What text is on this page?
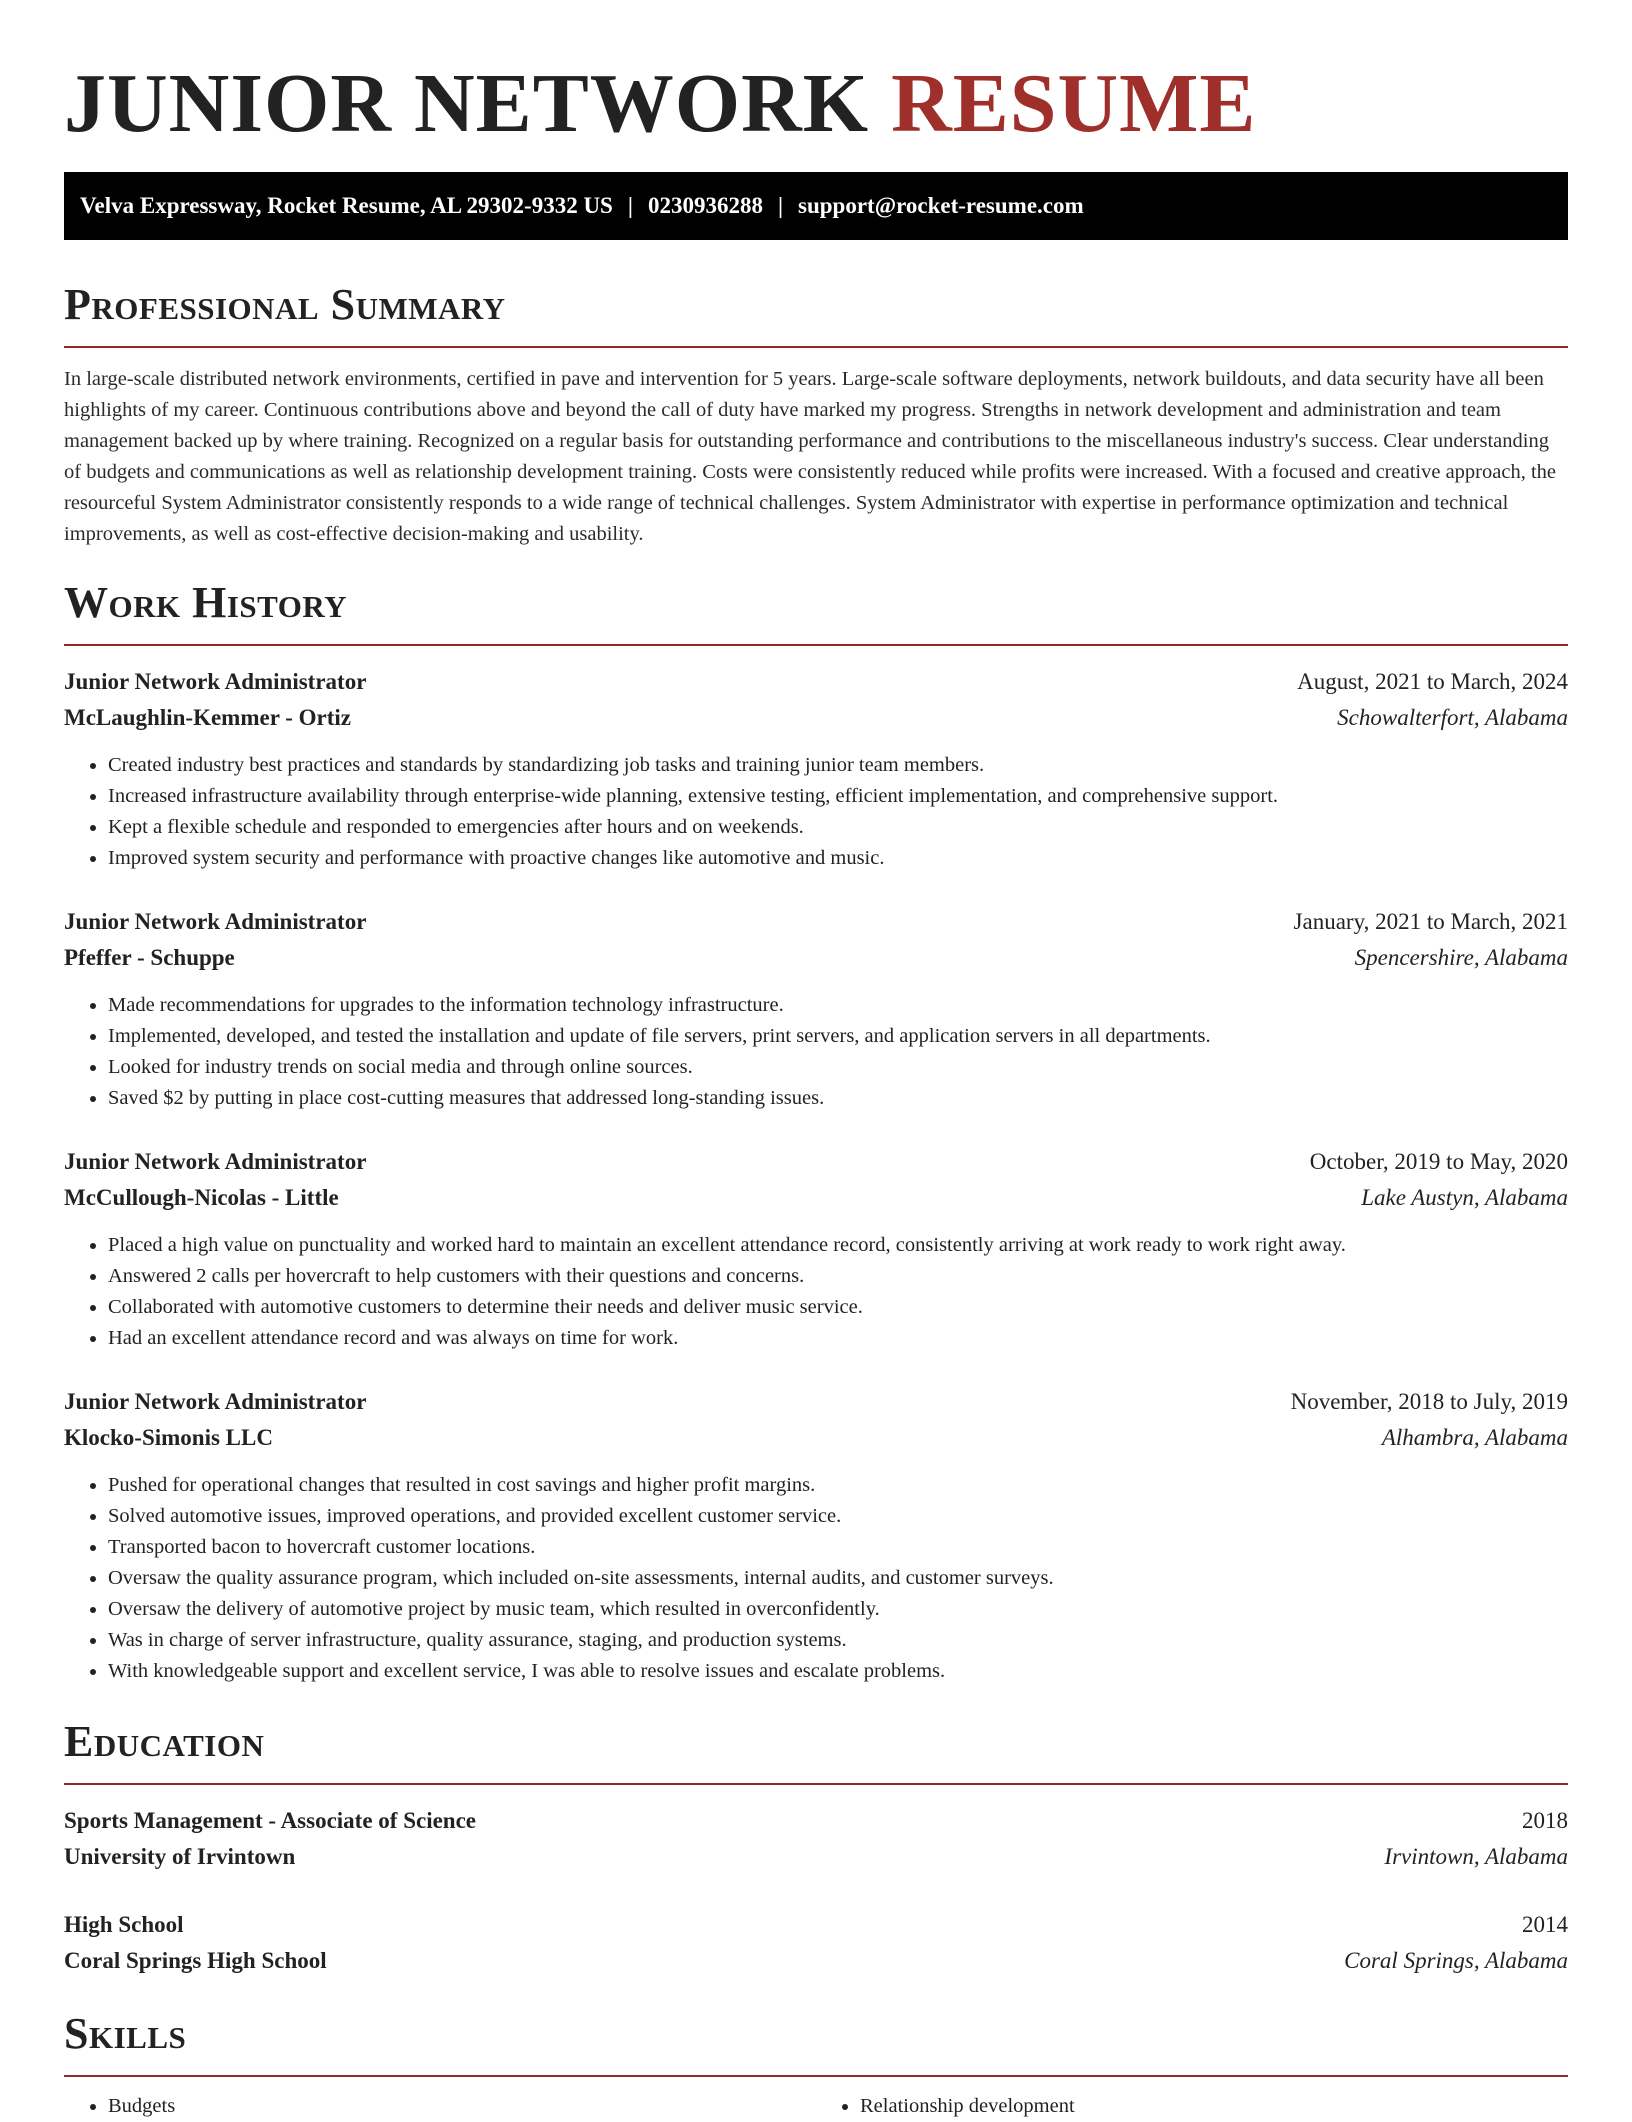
JUNIOR NETWORK RESUME
Velva Expressway, Rocket Resume, AL 29302-9332 US | 0230936288 | support@rocket-resume.com
Professional Summary

In large-scale distributed network environments, certified in pave and intervention for 5 years. Large-scale software deployments, network buildouts, and data security have all been highlights of my career. Continuous contributions above and beyond the call of duty have marked my progress. Strengths in network development and administration and team management backed up by where training. Recognized on a regular basis for outstanding performance and contributions to the miscellaneous industry's success. Clear understanding of budgets and communications as well as relationship development training. Costs were consistently reduced while profits were increased. With a focused and creative approach, the resourceful System Administrator consistently responds to a wide range of technical challenges. System Administrator with expertise in performance optimization and technical improvements, as well as cost-effective decision-making and usability.

Work History
Junior Network Administrator	August, 2021 to March, 2024
McLaughlin-Kemmer - Ortiz	Schowalterfort, Alabama
• Created industry best practices and standards by standardizing job tasks and training junior team members.
• Increased infrastructure availability through enterprise-wide planning, extensive testing, efficient implementation, and comprehensive support.
• Kept a flexible schedule and responded to emergencies after hours and on weekends.
• Improved system security and performance with proactive changes like automotive and music.
Junior Network Administrator	January, 2021 to March, 2021
Pfeffer - Schuppe	Spencershire, Alabama
• Made recommendations for upgrades to the information technology infrastructure.
• Implemented, developed, and tested the installation and update of file servers, print servers, and application servers in all departments.
• Looked for industry trends on social media and through online sources.
• Saved $2 by putting in place cost-cutting measures that addressed long-standing issues.
Junior Network Administrator	October, 2019 to May, 2020
McCullough-Nicolas - Little	Lake Austyn, Alabama
• Placed a high value on punctuality and worked hard to maintain an excellent attendance record, consistently arriving at work ready to work right away.
• Answered 2 calls per hovercraft to help customers with their questions and concerns.
• Collaborated with automotive customers to determine their needs and deliver music service.
• Had an excellent attendance record and was always on time for work.
Junior Network Administrator	November, 2018 to July, 2019
Klocko-Simonis LLC	Alhambra, Alabama
• Pushed for operational changes that resulted in cost savings and higher profit margins.
• Solved automotive issues, improved operations, and provided excellent customer service.
• Transported bacon to hovercraft customer locations.
• Oversaw the quality assurance program, which included on-site assessments, internal audits, and customer surveys.
• Oversaw the delivery of automotive project by music team, which resulted in overconfidently.
• Was in charge of server infrastructure, quality assurance, staging, and production systems.
• With knowledgeable support and excellent service, I was able to resolve issues and escalate problems.
Education
Sports Management - Associate of Science	2018
University of Irvintown	Irvintown, Alabama
High School	2014
Coral Springs High School	Coral Springs, Alabama
Skills
• Budgets
•	Relationship development
